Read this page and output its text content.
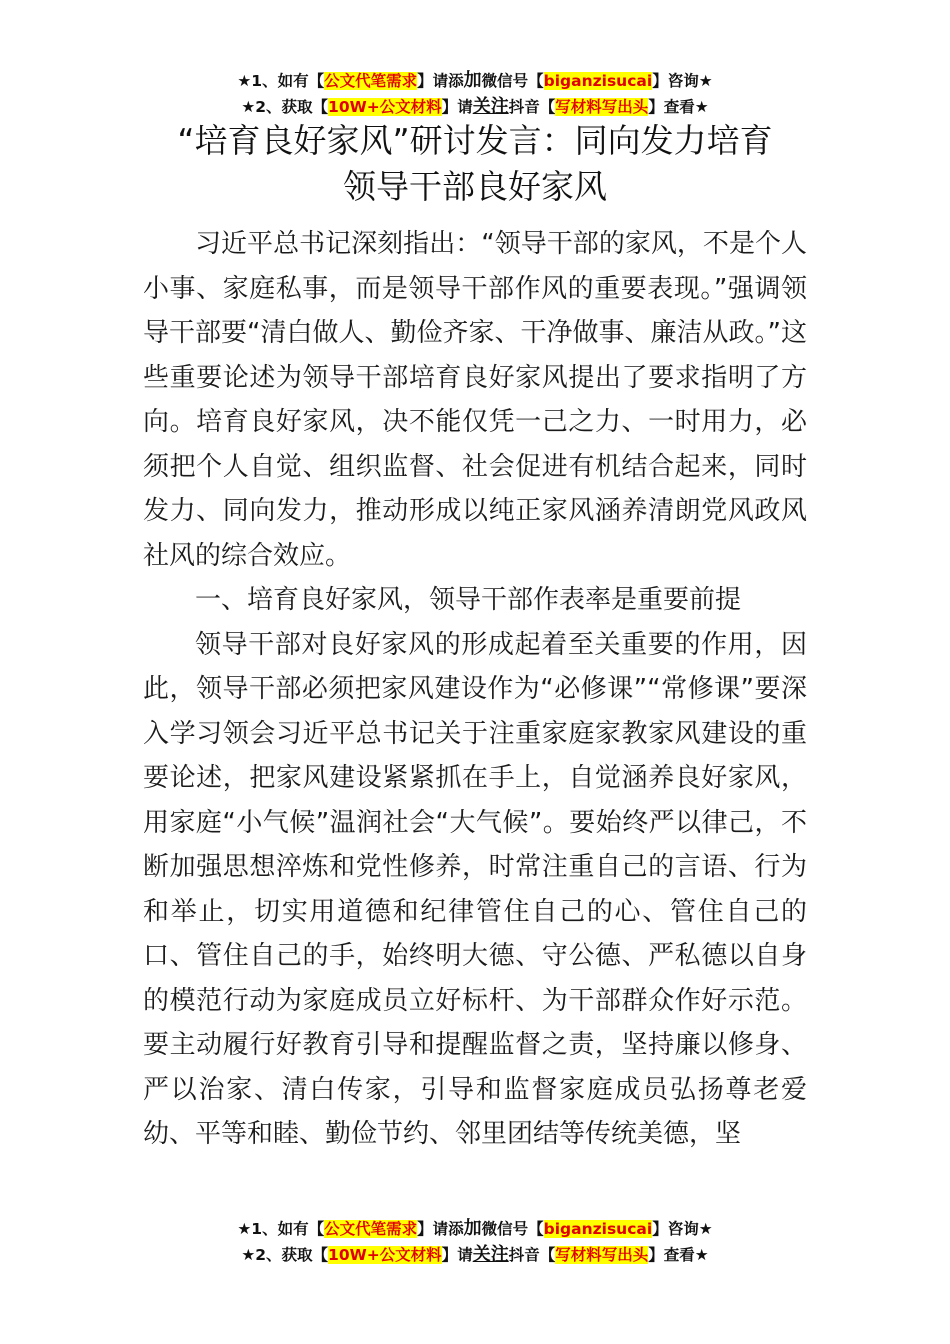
★1、如有【公文代笔需求】请添加微信号【biganzisucai】咨询★
★2、获取【10W+公文材料】请关注抖音【写材料写出头】查看★
“培育良好家风”研讨发言：同向发力培育
领导干部良好家风

习近平总书记深刻指出：“领导干部的家风，不是个人小事、家庭私事，而是领导干部作风的重要表现。”强调领导干部要“清白做人、勤俭齐家、干净做事、廉洁从政。”这些重要论述为领导干部培育良好家风提出了要求指明了方向。培育良好家风，决不能仅凭一己之力、一时用力，必须把个人自觉、组织监督、社会促进有机结合起来，同时发力、同向发力，推动形成以纯正家风涵养清朗党风政风社风的综合效应。

一、培育良好家风，领导干部作表率是重要前提

领导干部对良好家风的形成起着至关重要的作用，因此，领导干部必须把家风建设作为“必修课”“常修课”要深入学习领会习近平总书记关于注重家庭家教家风建设的重要论述，把家风建设紧紧抓在手上，自觉涵养良好家风，用家庭“小气候”温润社会“大气候”。要始终严以律己，不断加强思想淬炼和党性修养，时常注重自己的言语、行为和举止，切实用道德和纪律管住自己的心、管住自己的口、管住自己的手，始终明大德、守公德、严私德以自身的模范行动为家庭成员立好标杆、为干部群众作好示范。要主动履行好教育引导和提醒监督之责，坚持廉以修身、严以治家、清白传家，引导和监督家庭成员弘扬尊老爱幼、平等和睦、勤俭节约、邻里团结等传统美德，坚

★1、如有【公文代笔需求】请添加微信号【biganzisucai】咨询★
★2、获取【10W+公文材料】请关注抖音【写材料写出头】查看★
